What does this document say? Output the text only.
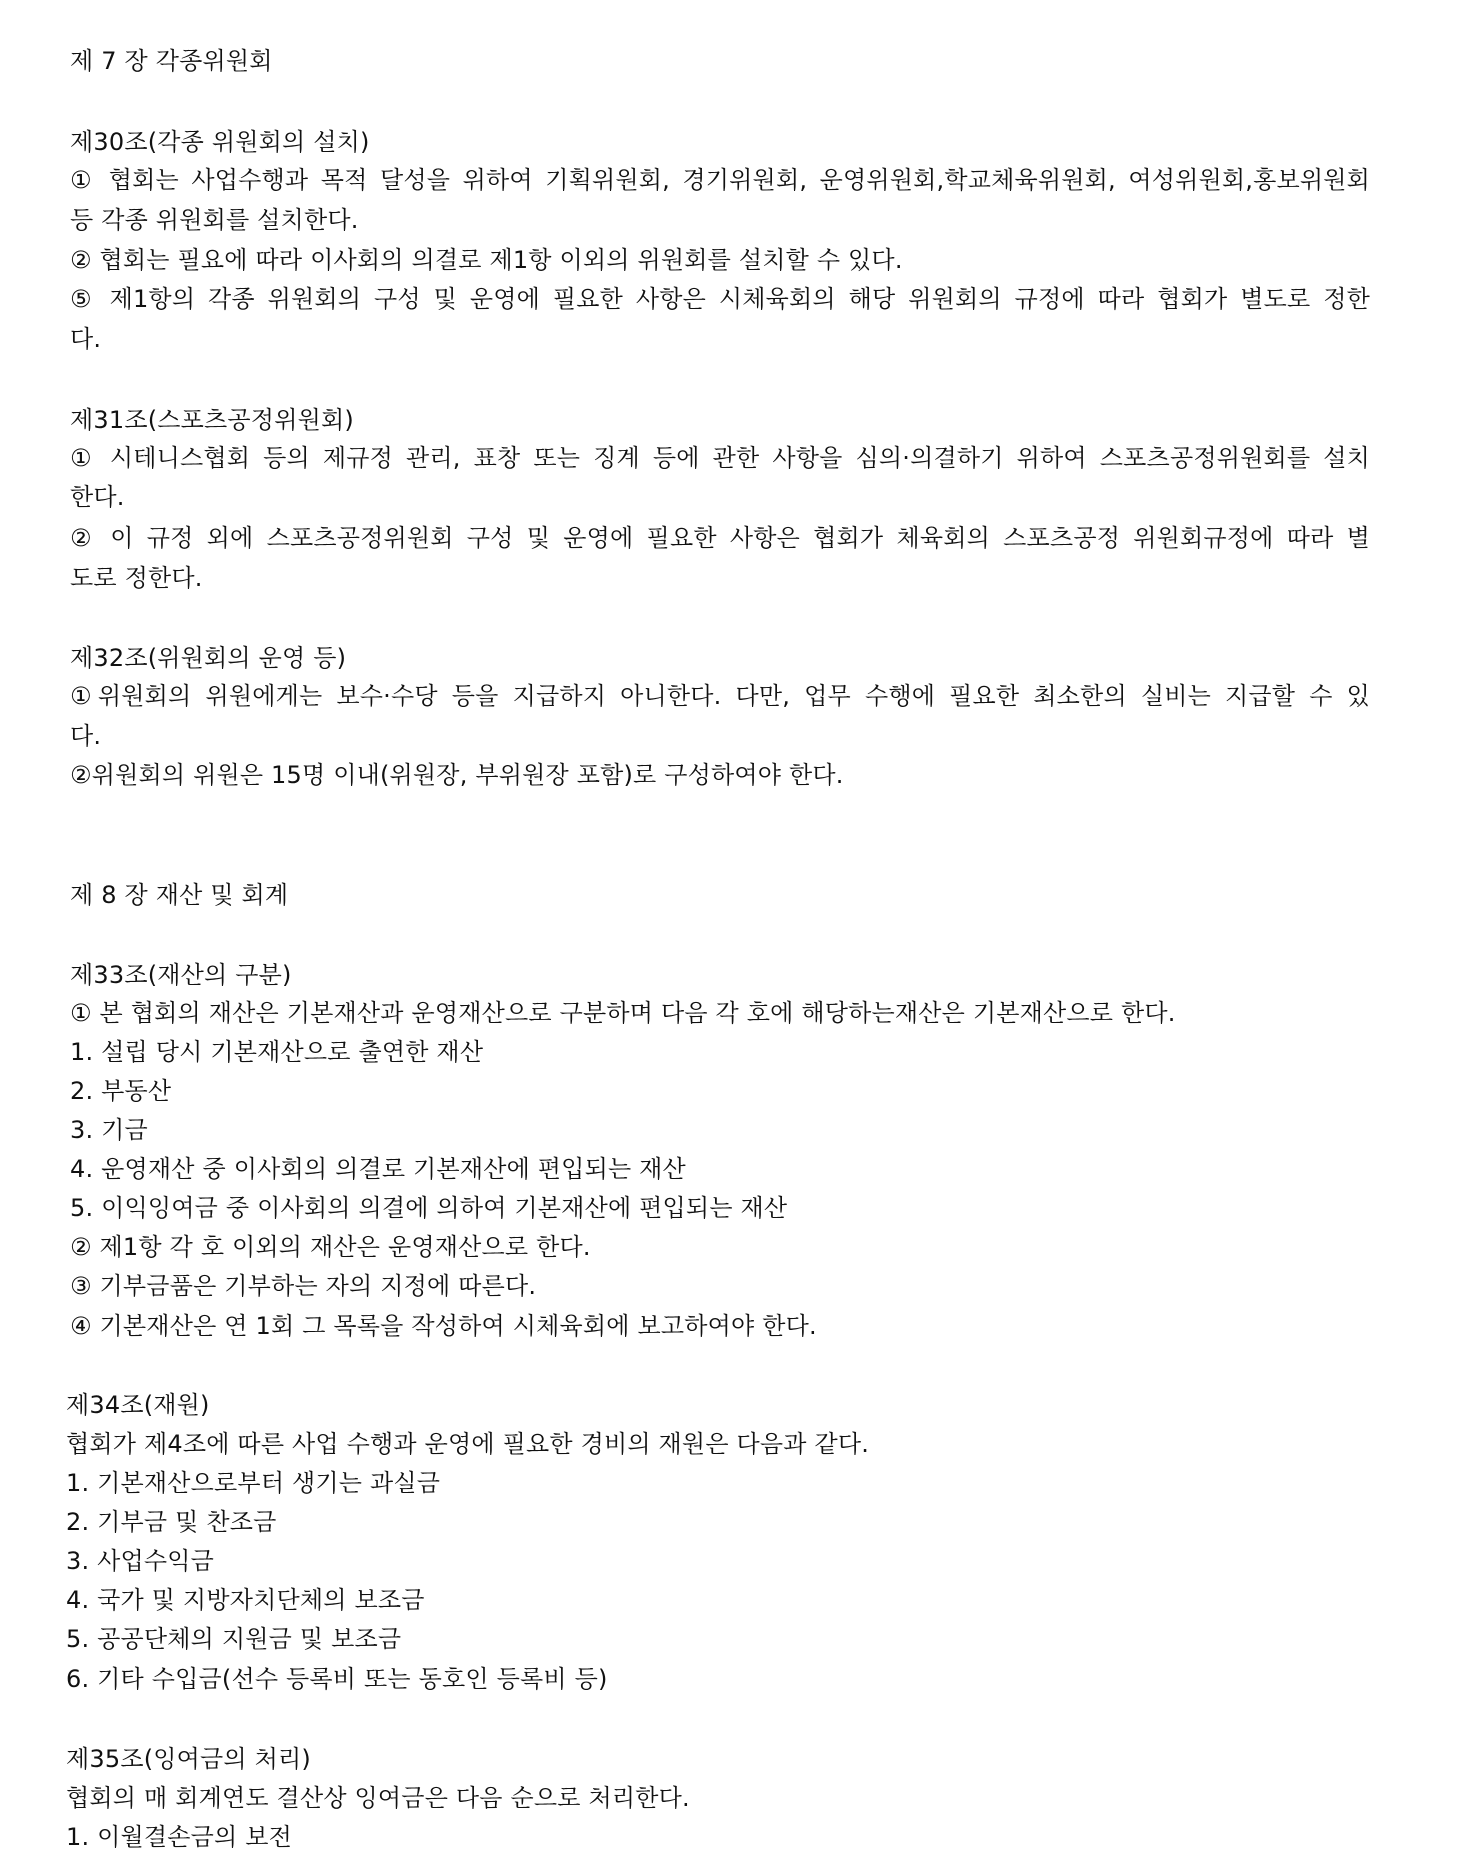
제 7 장 각종위원회
제30조(각종 위원회의 설치)
① 협회는 사업수행과 목적 달성을 위하여 기획위원회, 경기위원회, 운영위원회,학교체육위원회, 여성위원회,홍보위원회
등 각종 위원회를 설치한다.
② 협회는 필요에 따라 이사회의 의결로 제1항 이외의 위원회를 설치할 수 있다.
⑤ 제1항의 각종 위원회의 구성 및 운영에 필요한 사항은 시체육회의 해당 위원회의 규정에 따라 협회가 별도로 정한
다.
제31조(스포츠공정위원회)
① 시테니스협회 등의 제규정 관리, 표창 또는 징계 등에 관한 사항을 심의·의결하기 위하여 스포츠공정위원회를 설치
한다.
② 이 규정 외에 스포츠공정위원회 구성 및 운영에 필요한 사항은 협회가 체육회의 스포츠공정 위원회규정에 따라 별
도로 정한다.
제32조(위원회의 운영 등)
①위원회의 위원에게는 보수·수당 등을 지급하지 아니한다. 다만, 업무 수행에 필요한 최소한의 실비는 지급할 수 있
다.
②위원회의 위원은 15명 이내(위원장, 부위원장 포함)로 구성하여야 한다.
제 8 장 재산 및 회계
제33조(재산의 구분)
① 본 협회의 재산은 기본재산과 운영재산으로 구분하며 다음 각 호에 해당하는재산은 기본재산으로 한다.
1. 설립 당시 기본재산으로 출연한 재산
2. 부동산
3. 기금
4. 운영재산 중 이사회의 의결로 기본재산에 편입되는 재산
5. 이익잉여금 중 이사회의 의결에 의하여 기본재산에 편입되는 재산
② 제1항 각 호 이외의 재산은 운영재산으로 한다.
③ 기부금품은 기부하는 자의 지정에 따른다.
④ 기본재산은 연 1회 그 목록을 작성하여 시체육회에 보고하여야 한다.
제34조(재원)
협회가 제4조에 따른 사업 수행과 운영에 필요한 경비의 재원은 다음과 같다.
1. 기본재산으로부터 생기는 과실금
2. 기부금 및 찬조금
3. 사업수익금
4. 국가 및 지방자치단체의 보조금
5. 공공단체의 지원금 및 보조금
6. 기타 수입금(선수 등록비 또는 동호인 등록비 등)
제35조(잉여금의 처리)
협회의 매 회계연도 결산상 잉여금은 다음 순으로 처리한다.
1. 이월결손금의 보전
